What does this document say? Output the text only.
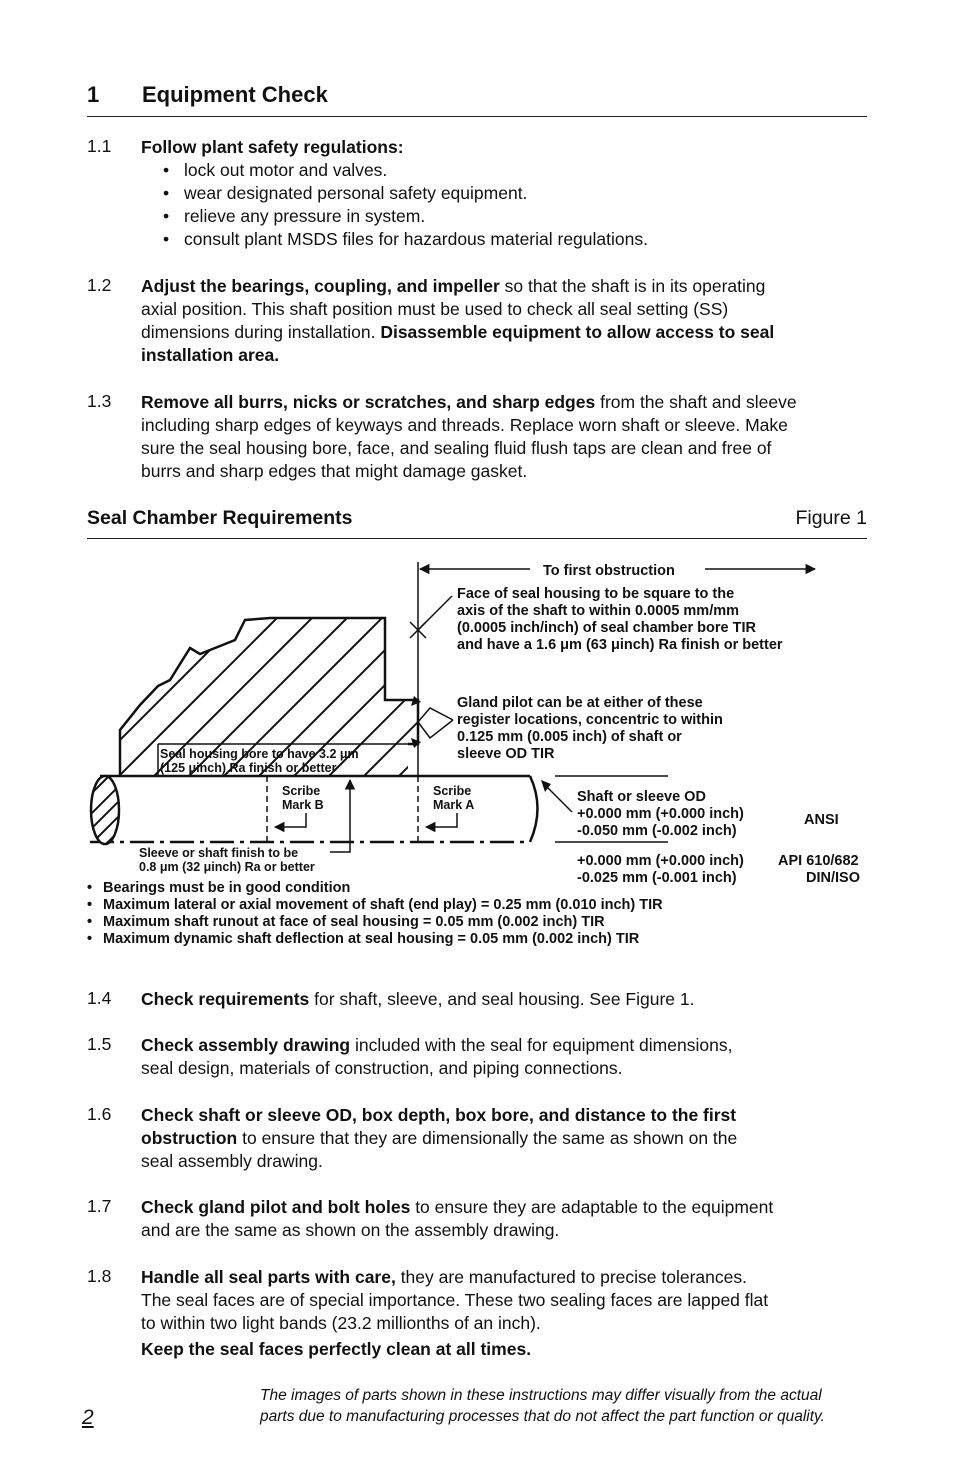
1 Equipment Check
1.1 Follow plant safety regulations:
• lock out motor and valves.
• wear designated personal safety equipment.
• relieve any pressure in system.
• consult plant MSDS files for hazardous material regulations.
1.2 Adjust the bearings, coupling, and impeller so that the shaft is in its operating
axial position. This shaft position must be used to check all seal setting (SS)
dimensions during installation. Disassemble equipment to allow access to seal
installation area.
1.3 Remove all burrs, nicks or scratches, and sharp edges from the shaft and sleeve
including sharp edges of keyways and threads. Replace worn shaft or sleeve. Make
sure the seal housing bore, face, and sealing fluid flush taps are clean and free of
burrs and sharp edges that might damage gasket.
Seal Chamber Requirements	Figure 1
To first obstruction
Face of seal housing to be square to the
axis of the shaft to within 0.0005 mm/mm
(0.0005 inch/inch) of seal chamber bore TIR
and have a 1.6 μm (63 μinch) Ra finish or better
Gland pilot can be at either of these
register locations, concentric to within
0.125 mm (0.005 inch) of shaft or
sleeve OD TIR
Seal housing bore to have 3.2 μm
(125 μinch) Ra finish or better
Scribe
Mark B
Scribe
Mark A
Sleeve or shaft finish to be
0.8 μm (32 μinch) Ra or better
Shaft or sleeve OD
+0.000 mm (+0.000 inch)
-0.050 mm (-0.002 inch)
ANSI
+0.000 mm (+0.000 inch)
-0.025 mm (-0.001 inch)
API 610/682
DIN/ISO
• Bearings must be in good condition
• Maximum lateral or axial movement of shaft (end play) = 0.25 mm (0.010 inch) TIR
• Maximum shaft runout at face of seal housing = 0.05 mm (0.002 inch) TIR
• Maximum dynamic shaft deflection at seal housing = 0.05 mm (0.002 inch) TIR
1.4 Check requirements for shaft, sleeve, and seal housing. See Figure 1.
1.5 Check assembly drawing included with the seal for equipment dimensions,
seal design, materials of construction, and piping connections.
1.6 Check shaft or sleeve OD, box depth, box bore, and distance to the first
obstruction to ensure that they are dimensionally the same as shown on the
seal assembly drawing.
1.7 Check gland pilot and bolt holes to ensure they are adaptable to the equipment
and are the same as shown on the assembly drawing.
1.8 Handle all seal parts with care, they are manufactured to precise tolerances.
The seal faces are of special importance. These two sealing faces are lapped flat
to within two light bands (23.2 millionths of an inch).
Keep the seal faces perfectly clean at all times.
The images of parts shown in these instructions may differ visually from the actual
parts due to manufacturing processes that do not affect the part function or quality.
2
